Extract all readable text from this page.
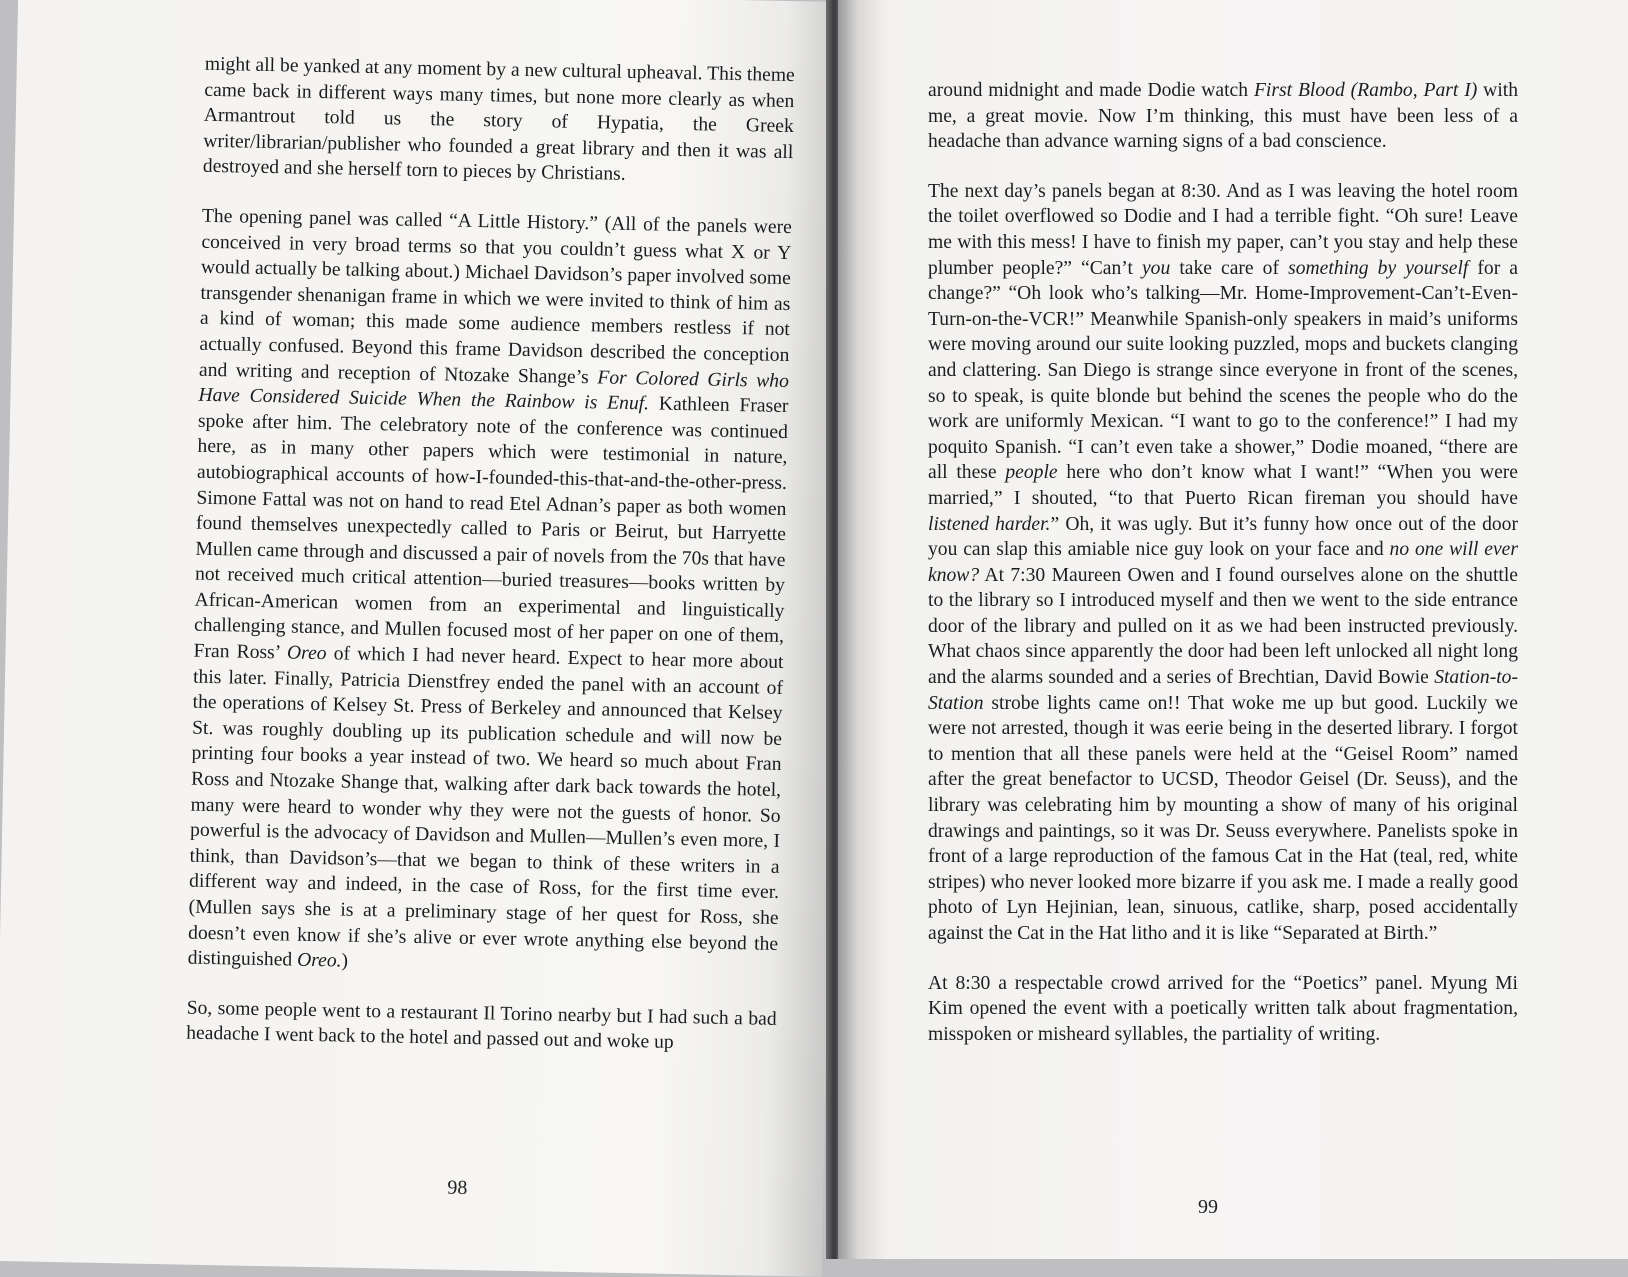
might all be yanked at any moment by a new cultural upheaval. This theme came back in different ways many times, but none more clearly as when Armantrout told us the story of Hypatia, the Greek writer/librarian/publisher who founded a great library and then it was all destroyed and she herself torn to pieces by Christians.

The opening panel was called “A Little History.” (All of the panels were conceived in very broad terms so that you couldn’t guess what X or Y would actually be talking about.) Michael Davidson’s paper involved some transgender shenanigan frame in which we were invited to think of him as a kind of woman; this made some audience members restless if not actually confused. Beyond this frame Davidson described the conception and writing and reception of Ntozake Shange’s For Colored Girls who Have Considered Suicide When the Rainbow is Enuf. Kathleen Fraser spoke after him. The celebratory note of the conference was continued here, as in many other papers which were testimonial in nature, autobiographical accounts of how-I-founded-this-that-and-the-other-press. Simone Fattal was not on hand to read Etel Adnan’s paper as both women found themselves unexpectedly called to Paris or Beirut, but Harryette Mullen came through and discussed a pair of novels from the 70s that have not received much critical attention—buried treasures—books written by African-American women from an experimental and linguistically challenging stance, and Mullen focused most of her paper on one of them, Fran Ross’ Oreo of which I had never heard. Expect to hear more about this later. Finally, Patricia Dienstfrey ended the panel with an account of the operations of Kelsey St. Press of Berkeley and announced that Kelsey St. was roughly doubling up its publication schedule and will now be printing four books a year instead of two. We heard so much about Fran Ross and Ntozake Shange that, walking after dark back towards the hotel, many were heard to wonder why they were not the guests of honor. So powerful is the advocacy of Davidson and Mullen—Mullen’s even more, I think, than Davidson’s—that we began to think of these writers in a different way and indeed, in the case of Ross, for the first time ever. (Mullen says she is at a preliminary stage of her quest for Ross, she doesn’t even know if she’s alive or ever wrote anything else beyond the distinguished Oreo.)

So, some people went to a restaurant Il Torino nearby but I had such a bad headache I went back to the hotel and passed out and woke up

98

around midnight and made Dodie watch First Blood (Rambo, Part I) with me, a great movie. Now I’m thinking, this must have been less of a headache than advance warning signs of a bad conscience.

The next day’s panels began at 8:30. And as I was leaving the hotel room the toilet overflowed so Dodie and I had a terrible fight. “Oh sure! Leave me with this mess! I have to finish my paper, can’t you stay and help these plumber people?” “Can’t you take care of something by yourself for a change?” “Oh look who’s talking—Mr. Home-Improvement-Can’t-Even-Turn-on-the-VCR!” Meanwhile Spanish-only speakers in maid’s uniforms were moving around our suite looking puzzled, mops and buckets clanging and clattering. San Diego is strange since everyone in front of the scenes, so to speak, is quite blonde but behind the scenes the people who do the work are uniformly Mexican. “I want to go to the conference!” I had my poquito Spanish. “I can’t even take a shower,” Dodie moaned, “there are all these people here who don’t know what I want!” “When you were married,” I shouted, “to that Puerto Rican fireman you should have listened harder.” Oh, it was ugly. But it’s funny how once out of the door you can slap this amiable nice guy look on your face and no one will ever know? At 7:30 Maureen Owen and I found ourselves alone on the shuttle to the library so I introduced myself and then we went to the side entrance door of the library and pulled on it as we had been instructed previously. What chaos since apparently the door had been left unlocked all night long and the alarms sounded and a series of Brechtian, David Bowie Station-to-Station strobe lights came on!! That woke me up but good. Luckily we were not arrested, though it was eerie being in the deserted library. I forgot to mention that all these panels were held at the “Geisel Room” named after the great benefactor to UCSD, Theodor Geisel (Dr. Seuss), and the library was celebrating him by mounting a show of many of his original drawings and paintings, so it was Dr. Seuss everywhere. Panelists spoke in front of a large reproduction of the famous Cat in the Hat (teal, red, white stripes) who never looked more bizarre if you ask me. I made a really good photo of Lyn Hejinian, lean, sinuous, catlike, sharp, posed accidentally against the Cat in the Hat litho and it is like “Separated at Birth.”

At 8:30 a respectable crowd arrived for the “Poetics” panel. Myung Mi Kim opened the event with a poetically written talk about fragmentation, misspoken or misheard syllables, the partiality of writing.

99
